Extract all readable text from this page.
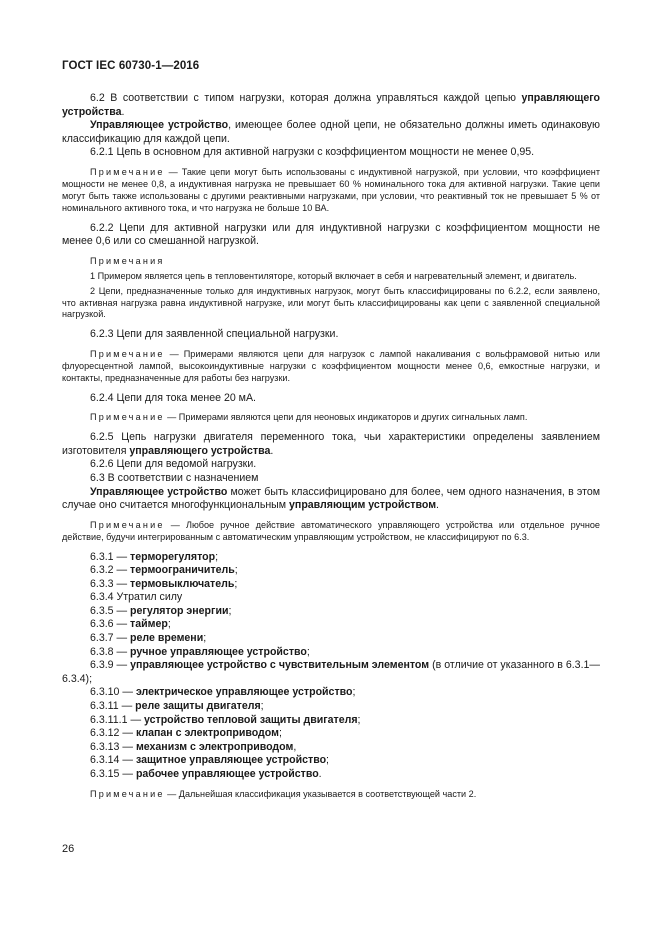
ГОСТ IEC 60730-1—2016

6.2 В соответствии с типом нагрузки, которая должна управляться каждой цепью управляющего устройства.

Управляющее устройство, имеющее более одной цепи, не обязательно должны иметь одинаковую классификацию для каждой цепи.

6.2.1 Цепь в основном для активной нагрузки с коэффициентом мощности не менее 0,95.

Примечание — Такие цепи могут быть использованы с индуктивной нагрузкой, при условии, что коэффициент мощности не менее 0,8, а индуктивная нагрузка не превышает 60 % номинального тока для активной нагрузки. Такие цепи могут быть также использованы с другими реактивными нагрузками, при условии, что реактивный ток не превышает 5 % от номинального активного тока, и что нагрузка не больше 10 ВА.

6.2.2 Цепи для активной нагрузки или для индуктивной нагрузки с коэффициентом мощности не менее 0,6 или со смешанной нагрузкой.

Примечания

1 Примером является цепь в тепловентиляторе, который включает в себя и нагревательный элемент, и двигатель.

2 Цепи, предназначенные только для индуктивных нагрузок, могут быть классифицированы по 6.2.2, если заявлено, что активная нагрузка равна индуктивной нагрузке, или могут быть классифицированы как цепи с заявленной специальной нагрузкой.

6.2.3 Цепи для заявленной специальной нагрузки.

Примечание — Примерами являются цепи для нагрузок с лампой накаливания с вольфрамовой нитью или флуоресцентной лампой, высокоиндуктивные нагрузки с коэффициентом мощности менее 0,6, емкостные нагрузки, и контакты, предназначенные для работы без нагрузки.

6.2.4 Цепи для тока менее 20 мА.

Примечание — Примерами являются цепи для неоновых индикаторов и других сигнальных ламп.

6.2.5 Цепь нагрузки двигателя переменного тока, чьи характеристики определены заявлением изготовителя управляющего устройства.

6.2.6 Цепи для ведомой нагрузки.

6.3 В соответствии с назначением

Управляющее устройство может быть классифицировано для более, чем одного назначения, в этом случае оно считается многофункциональным управляющим устройством.

Примечание — Любое ручное действие автоматического управляющего устройства или отдельное ручное действие, будучи интегрированным с автоматическим управляющим устройством, не классифицируют по 6.3.

6.3.1 — терморегулятор;

6.3.2 — термоограничитель;

6.3.3 — термовыключатель;

6.3.4 Утратил силу

6.3.5 — регулятор энергии;

6.3.6 — таймер;

6.3.7 — реле времени;

6.3.8 — ручное управляющее устройство;

6.3.9 — управляющее устройство с чувствительным элементом (в отличие от указанного в 6.3.1—6.3.4);

6.3.10 — электрическое управляющее устройство;

6.3.11 — реле защиты двигателя;

6.3.11.1 — устройство тепловой защиты двигателя;

6.3.12 — клапан с электроприводом;

6.3.13 — механизм с электроприводом,

6.3.14 — защитное управляющее устройство;

6.3.15 — рабочее управляющее устройство.

Примечание — Дальнейшая классификация указывается в соответствующей части 2.

26
